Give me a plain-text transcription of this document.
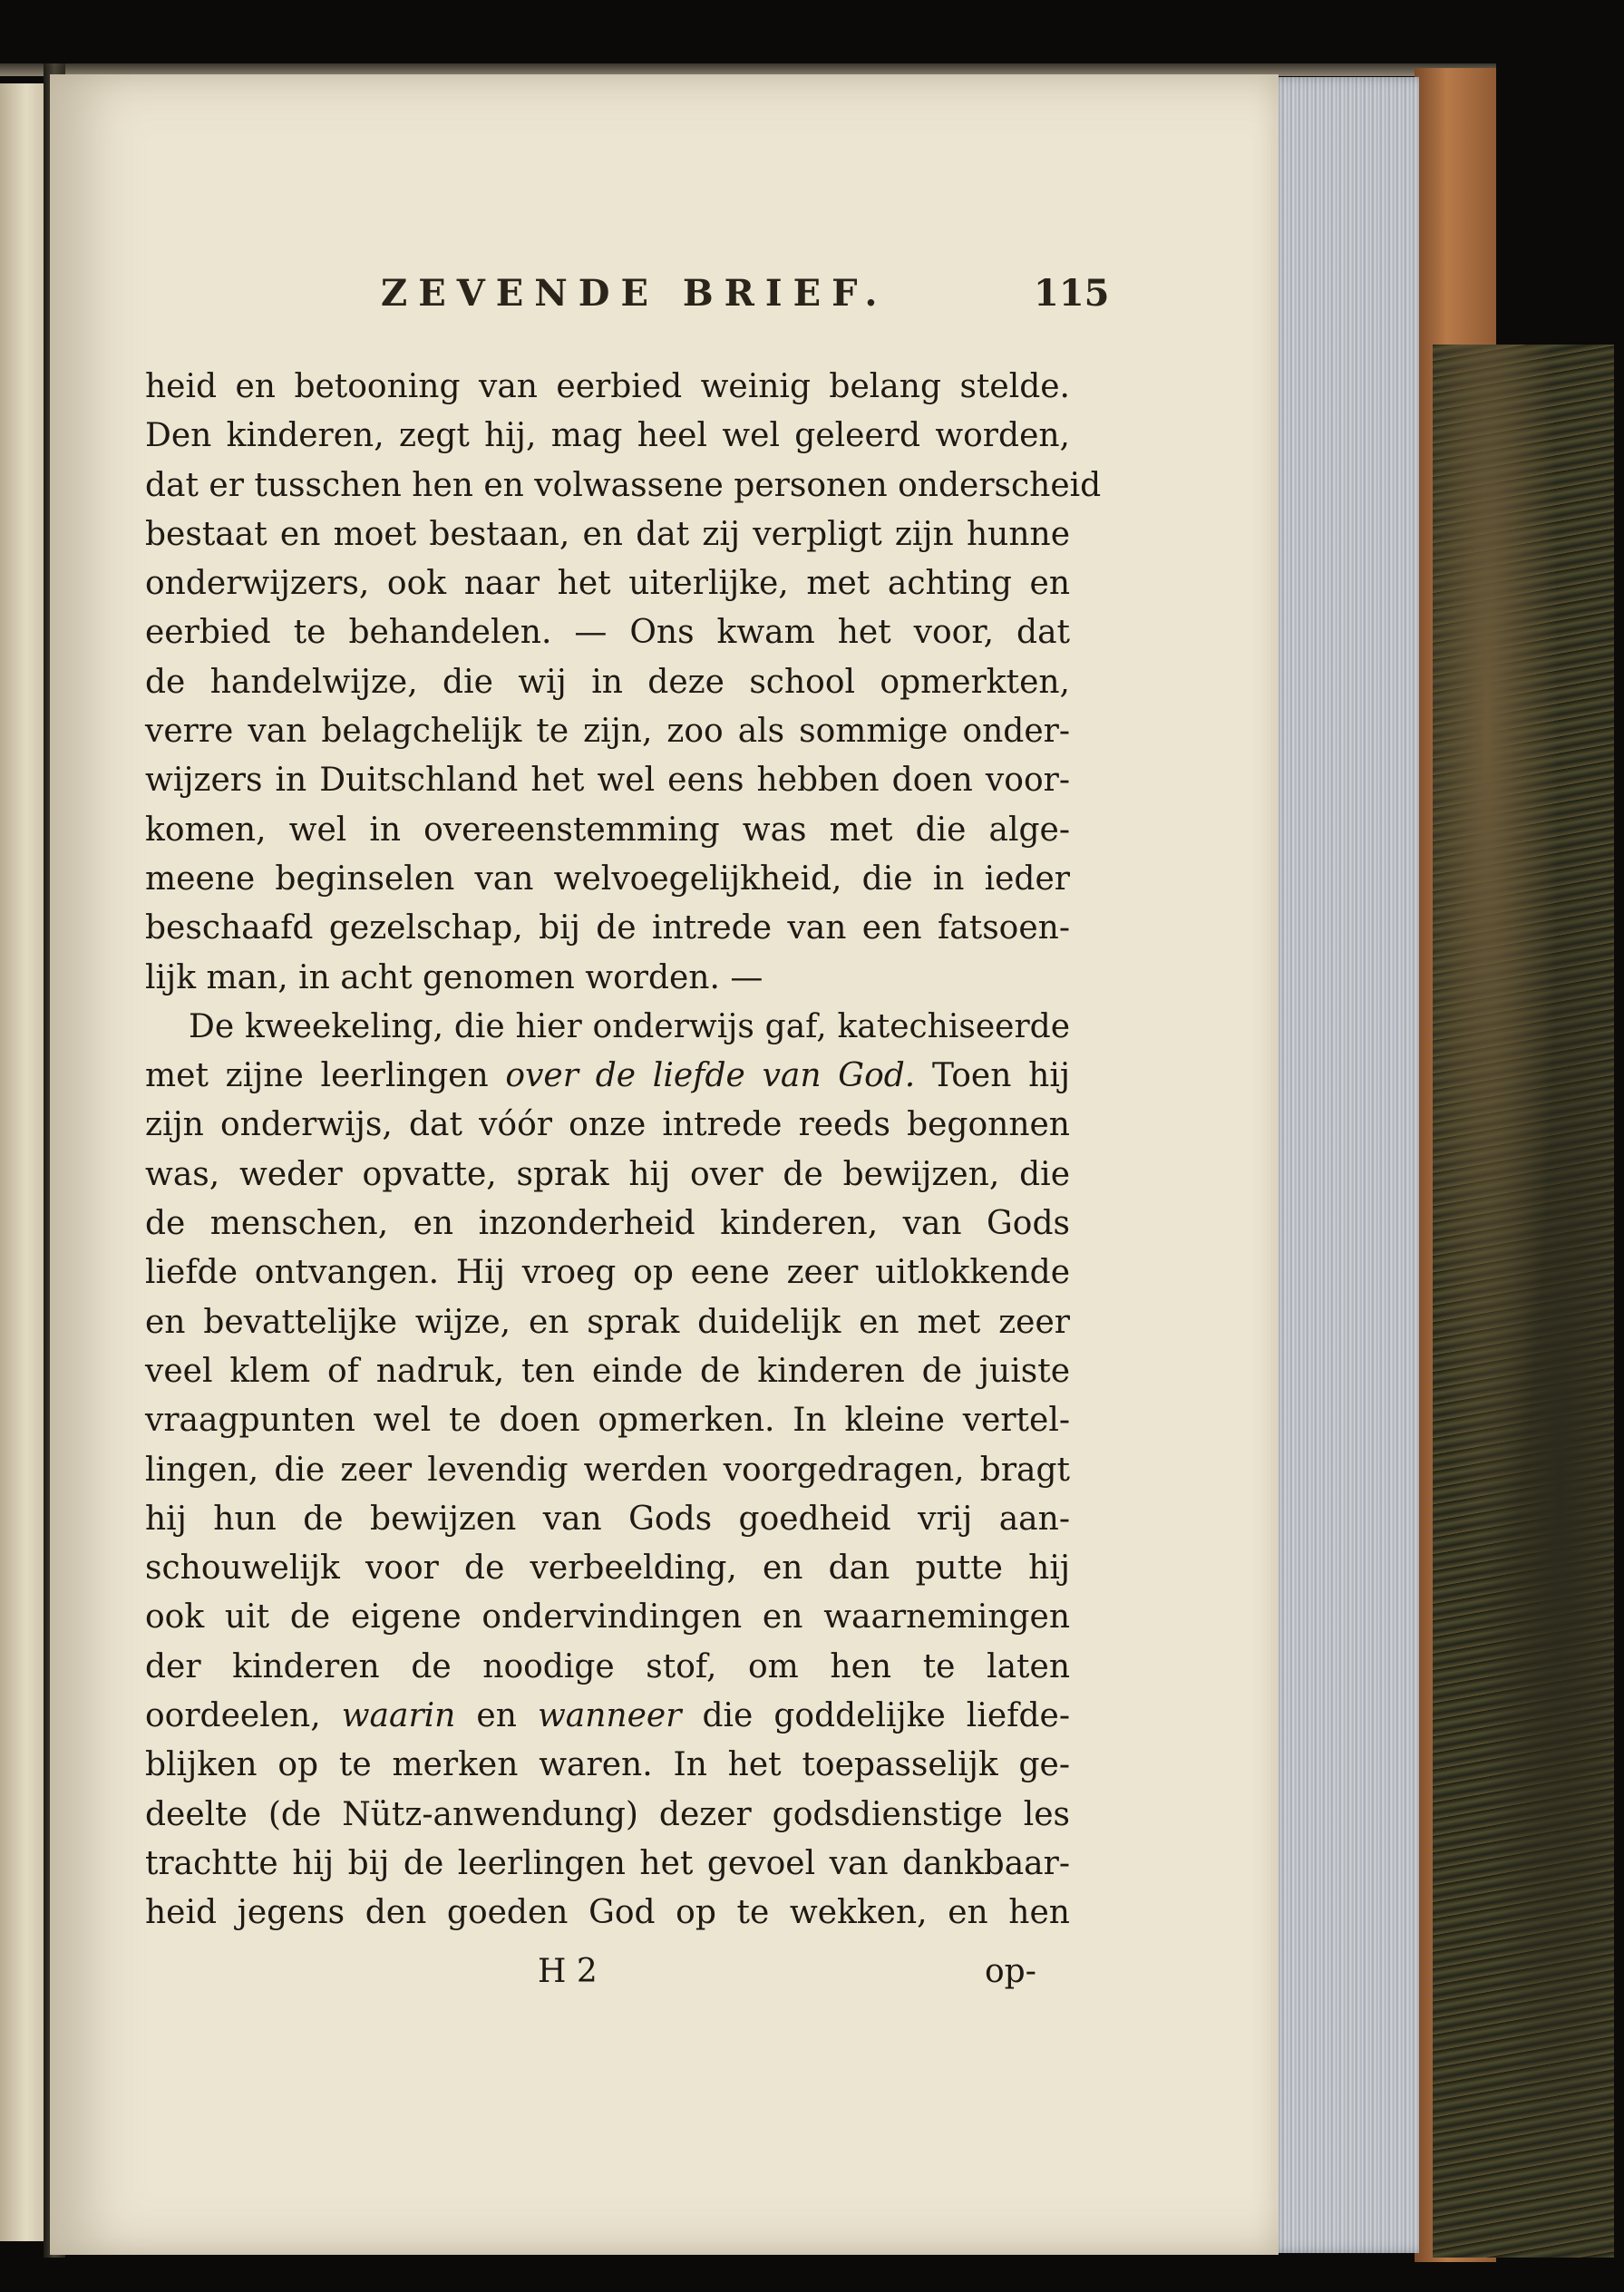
ZEVENDE BRIEF.	115
heid en betooning van eerbied weinig belang stelde.
Den kinderen, zegt hij, mag heel wel geleerd worden,
dat er tusschen hen en volwassene personen onderscheid
bestaat en moet bestaan, en dat zij verpligt zijn hunne
onderwijzers, ook naar het uiterlijke, met achting en
eerbied te behandelen. — Ons kwam het voor, dat
de handelwijze, die wij in deze school opmerkten,
verre van belagchelijk te zijn, zoo als sommige onder-
wijzers in Duitschland het wel eens hebben doen voor-
komen, wel in overeenstemming was met die alge-
meene beginselen van welvoegelijkheid, die in ieder
beschaafd gezelschap, bij de intrede van een fatsoen-
lijk man, in acht genomen worden. —
De kweekeling, die hier onderwijs gaf, katechiseerde
met zijne leerlingen over de liefde van God. Toen hij
zijn onderwijs, dat vóór onze intrede reeds begonnen
was, weder opvatte, sprak hij over de bewijzen, die
de menschen, en inzonderheid kinderen, van Gods
liefde ontvangen. Hij vroeg op eene zeer uitlokkende
en bevattelijke wijze, en sprak duidelijk en met zeer
veel klem of nadruk, ten einde de kinderen de juiste
vraagpunten wel te doen opmerken. In kleine vertel-
lingen, die zeer levendig werden voorgedragen, bragt
hij hun de bewijzen van Gods goedheid vrij aan-
schouwelijk voor de verbeelding, en dan putte hij
ook uit de eigene ondervindingen en waarnemingen
der kinderen de noodige stof, om hen te laten
oordeelen, waarin en wanneer die goddelijke liefde-
blijken op te merken waren. In het toepasselijk ge-
deelte (de Nütz-anwendung) dezer godsdienstige les
trachtte hij bij de leerlingen het gevoel van dankbaar-
heid jegens den goeden God op te wekken, en hen
H 2	op-
